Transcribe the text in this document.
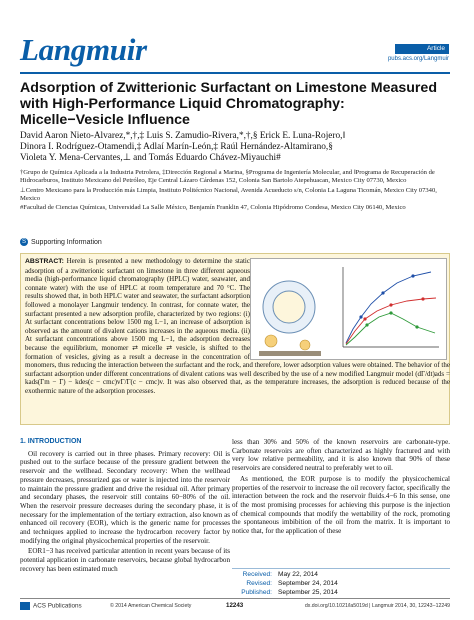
Langmuir	Article
pubs.acs.org/Langmuir
Adsorption of Zwitterionic Surfactant on Limestone Measured with High-Performance Liquid Chromatography: Micelle−Vesicle Influence
David Aaron Nieto-Alvarez,*,†,‡ Luis S. Zamudio-Rivera,*,†,§ Erick E. Luna-Rojero,‖
Dinora I. Rodríguez-Otamendi,‡ Adlaí Marín-León,‡ Raúl Hernández-Altamirano,§
Violeta Y. Mena-Cervantes,⊥ and Tomás Eduardo Chávez-Miyauchi#

†Grupo de Química Aplicada a la Industria Petrolera, ‡Dirección Regional a Marina, §Programa de Ingeniería Molecular, and ‖Programa de Recuperación de Hidrocarburos, Instituto Mexicano del Petróleo, Eje Central Lázaro Cárdenas 152, Colonia San Bartolo Atepehuacan, Mexico City 07730, Mexico

⊥Centro Mexicano para la Producción más Limpia, Instituto Politécnico Nacional, Avenida Acueducto s/n, Colonia La Laguna Ticomán, Mexico City 07340, Mexico

#Facultad de Ciencias Químicas, Universidad La Salle México, Benjamín Franklin 47, Colonia Hipódromo Condesa, Mexico City 06140, Mexico

S Supporting Information
ABSTRACT: Herein is presented a new methodology to determine the static adsorption of a zwitterionic surfactant on limestone in three different aqueous media (high-performance liquid chromatography (HPLC) water, seawater, and connate water) with the use of HPLC at room temperature and 70 °C. The results showed that, in both HPLC water and seawater, the surfactant adsorption followed a monolayer Langmuir tendency. In contrast, for connate water, the surfactant presented a new adsorption profile, characterized by two regions: (i) At surfactant concentrations below 1500 mg L−1, an increase of adsorption is observed as the amount of divalent cations increases in the aqueous media. (ii) At surfactant concentrations above 1500 mg L−1, the adsorption decreases because the equilibrium, monomer ⇄ micelle ⇄ vesicle, is shifted to the formation of vesicles, giving as a result a decrease in the concentration of monomers, thus reducing the interaction between the surfactant and the rock, and therefore, lower adsorption values were obtained. The behavior of the surfactant adsorption under different concentrations of divalent cations was well described by the use of a new modified Langmuir model (dΓ/dt)ads = kads(Γm − Γ) − kdes(c − cmc)vΓ/Γ(c − cmc)v. It was also observed that, as the temperature increases, the adsorption is reduced because of the exothermic nature of the adsorption processes.
1. INTRODUCTION

Oil recovery is carried out in three phases. Primary recovery: Oil is pushed out to the surface because of the pressure gradient between the reservoir and the wellhead. Secondary recovery: When the wellhead pressure decreases, pressurized gas or water is injected into the reservoir to maintain the pressure gradient and drive the residual oil. After primary and secondary phases, the reservoir still contains 60−80% of the oil. When the reservoir pressure decreases during the secondary phase, it is necessary for the implementation of the tertiary extraction, also known as enhanced oil recovery (EOR), which is the generic name for processes and techniques applied to increase the hydrocarbon recovery factor by modifying the original physicochemical properties of the reservoir.

EOR1−3 has received particular attention in recent years because of its potential application in carbonate reservoirs, because global hydrocarbon recovery has been estimated much

less than 30% and 50% of the known reservoirs are carbonate-type. Carbonate reservoirs are often characterized as highly fractured and with very low relative permeability, and it is also known that 90% of these reservoirs are considered neutral to preferably wet to oil.

As mentioned, the EOR purpose is to modify the physicochemical properties of the reservoir to increase the oil recovery factor, specifically the interaction between the rock and the reservoir fluids.4−6 In this sense, one of the most promising processes for achieving this purpose is the injection of chemical compounds that modify the wettability of the rock, promoting the spontaneous imbibition of the oil from the matrix. It is important to notice that, for the application of these

Received: May 22, 2014
Revised: September 24, 2014
Published: September 25, 2014
ACS Publications	© 2014 American Chemical Society	12243	dx.doi.org/10.1021/la5019d | Langmuir 2014, 30, 12243−12249
